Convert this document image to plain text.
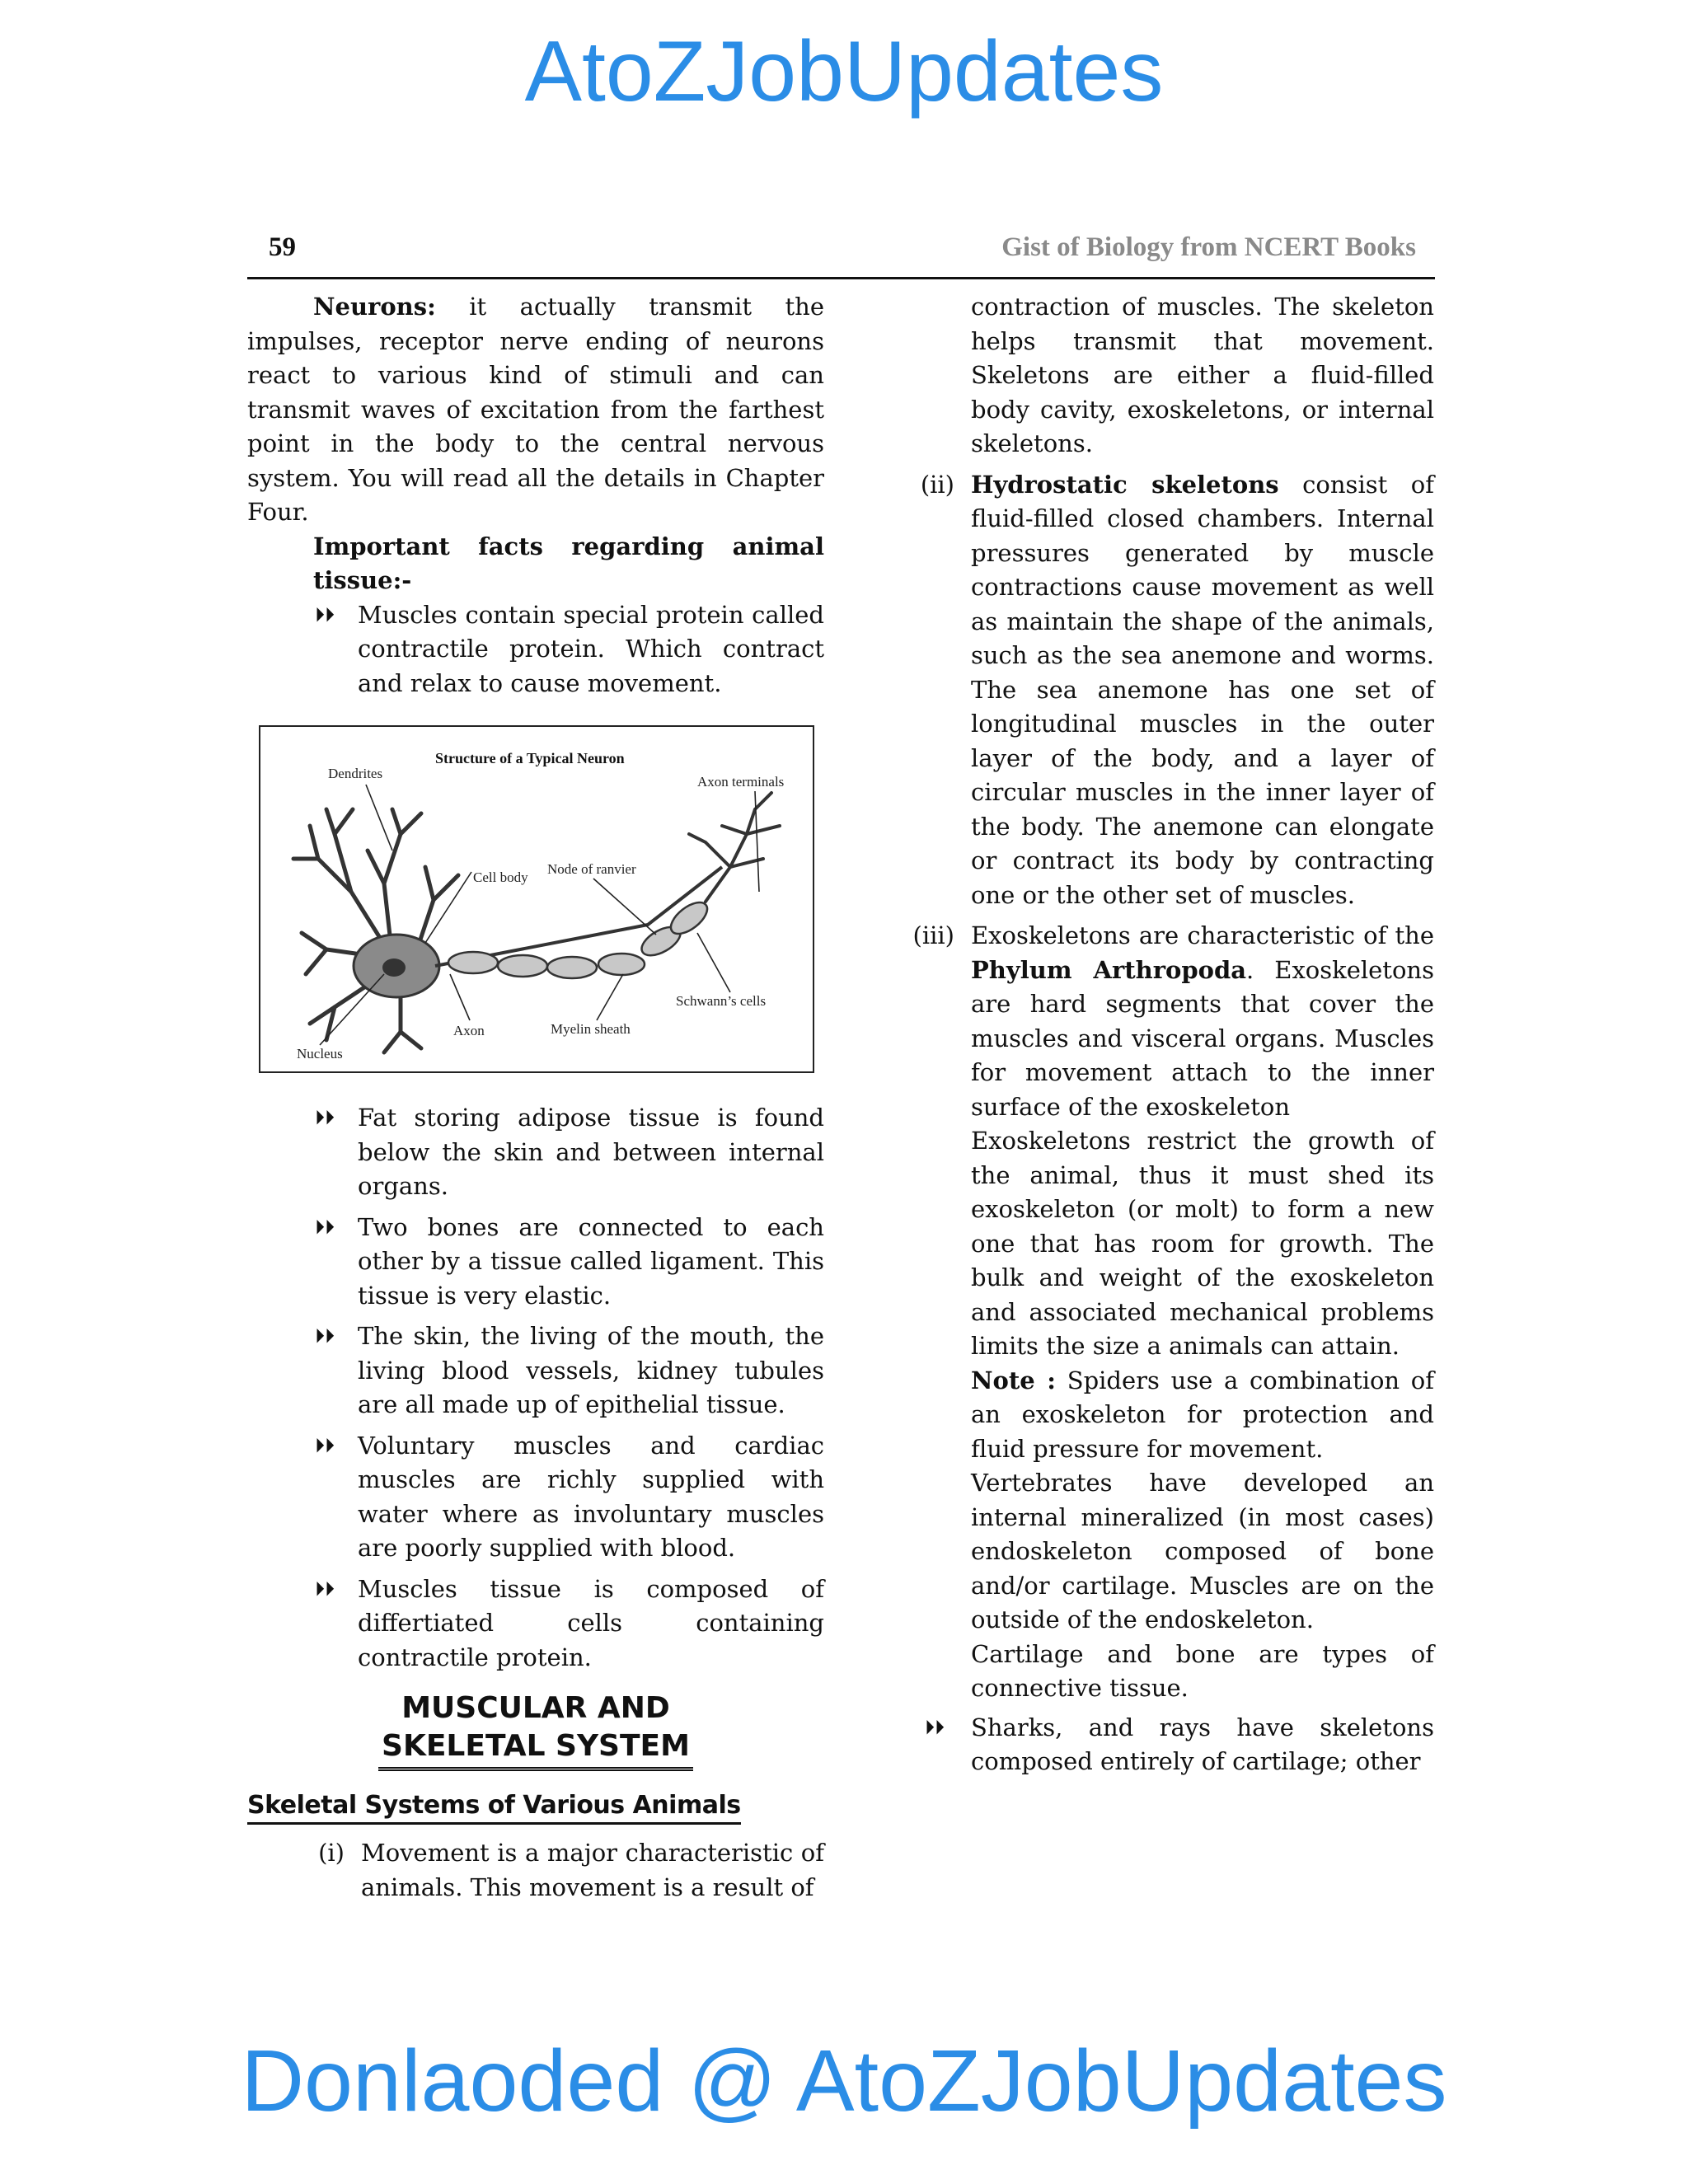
AtoZJobUpdates
59	Gist of Biology from NCERT Books

Neurons: it actually transmit the impulses, receptor nerve ending of neurons react to various kind of stimuli and can transmit waves of excitation from the farthest point in the body to the central nervous system. You will read all the details in Chapter Four.

Important facts regarding animal tissue:-

⏵⏵ Muscles contain special protein called contractile protein. Which contract and relax to cause movement.

Structure of a Typical Neuron
Dendrites
Axon terminals
Cell body
Node of ranvier
Schwann’s cells
Axon	Myelin sheath
Nucleus

⏵⏵ Fat storing adipose tissue is found below the skin and between internal organs.

⏵⏵ Two bones are connected to each other by a tissue called ligament. This tissue is very elastic.

⏵⏵ The skin, the living of the mouth, the living blood vessels, kidney tubules are all made up of epithelial tissue.

⏵⏵ Voluntary muscles and cardiac muscles are richly supplied with water where as involuntary muscles are poorly supplied with blood.

⏵⏵ Muscles tissue is composed of differtiated cells containing contractile protein.

MUSCULAR AND
SKELETAL SYSTEM
Skeletal Systems of Various Animals

(i) Movement is a major characteristic of animals. This movement is a result of

contraction of muscles. The skeleton helps transmit that movement. Skeletons are either a fluid-filled body cavity, exoskeletons, or internal skeletons.

(ii) Hydrostatic skeletons consist of fluid-filled closed chambers. Internal pressures generated by muscle contractions cause movement as well as maintain the shape of the animals, such as the sea anemone and worms. The sea anemone has one set of longitudinal muscles in the outer layer of the body, and a layer of circular muscles in the inner layer of the body. The anemone can elongate or contract its body by contracting one or the other set of muscles.

(iii) Exoskeletons are characteristic of the Phylum Arthropoda. Exoskeletons are hard segments that cover the muscles and visceral organs. Muscles for movement attach to the inner surface of the exoskeleton

Exoskeletons restrict the growth of the animal, thus it must shed its exoskeleton (or molt) to form a new one that has room for growth. The bulk and weight of the exoskeleton and associated mechanical problems limits the size a animals can attain.

Note : Spiders use a combination of an exoskeleton for protection and fluid pressure for movement.

Vertebrates have developed an internal mineralized (in most cases) endoskeleton composed of bone and/or cartilage. Muscles are on the outside of the endoskeleton.

Cartilage and bone are types of connective tissue.

⏵⏵	Sharks, and rays have skeletons composed entirely of cartilage; other

Donlaoded @ AtoZJobUpdates
